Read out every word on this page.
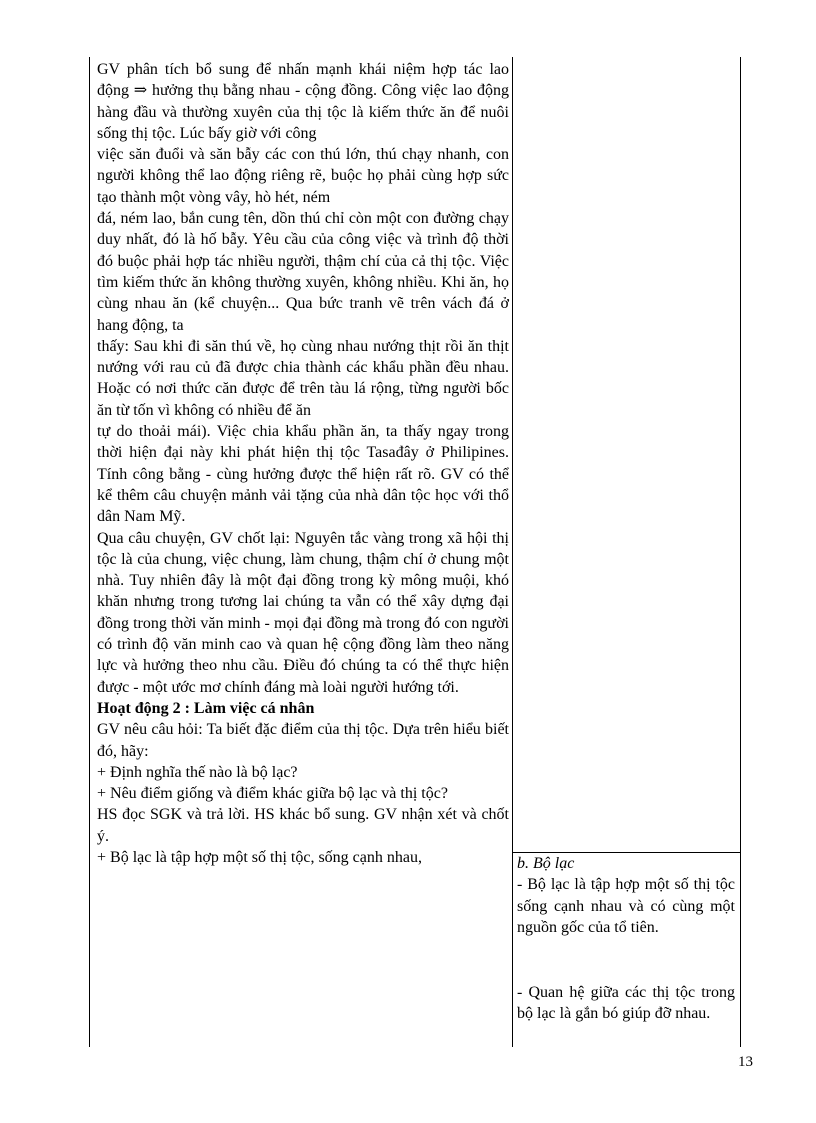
GV phân tích bổ sung để nhấn mạnh khái niệm hợp tác lao động ⇒ hưởng thụ bằng nhau - cộng đồng. Công việc lao động hàng đầu và thường xuyên của thị tộc là kiếm thức ăn để nuôi sống thị tộc. Lúc bấy giờ với công

việc săn đuổi và săn bẫy các con thú lớn, thú chạy nhanh, con người không thể lao động riêng rẽ, buộc họ phải cùng hợp sức tạo thành một vòng vây, hò hét, ném

đá, ném lao, bắn cung tên, dồn thú chỉ còn một con đường chạy duy nhất, đó là hố bẫy. Yêu cầu của công việc và trình độ thời đó buộc phải hợp tác nhiều người, thậm chí của cả thị tộc. Việc tìm kiếm thức ăn không thường xuyên, không nhiều. Khi ăn, họ cùng nhau ăn (kể chuyện... Qua bức tranh vẽ trên vách đá ở hang động, ta

thấy: Sau khi đi săn thú về, họ cùng nhau nướng thịt rồi ăn thịt nướng với rau củ đã được chia thành các khẩu phần đều nhau. Hoặc có nơi thức căn được để trên tàu lá rộng, từng người bốc ăn từ tốn vì không có nhiều để ăn

tự do thoải mái). Việc chia khẩu phần ăn, ta thấy ngay trong thời hiện đại này khi phát hiện thị tộc Tasađây ở Philipines. Tính công bằng - cùng hưởng được thể hiện rất rõ. GV có thể kể thêm câu chuyện mảnh vải tặng của nhà dân tộc học với thổ dân Nam Mỹ.

Qua câu chuyện, GV chốt lại: Nguyên tắc vàng trong xã hội thị tộc là của chung, việc chung, làm chung, thậm chí ở chung một nhà. Tuy nhiên đây là một đại đồng trong kỳ mông muội, khó khăn nhưng trong tương lai chúng ta vẫn có thể xây dựng đại đồng trong thời văn minh - mọi đại đồng mà trong đó con người có trình độ văn minh cao và quan hệ cộng đồng làm theo năng lực và hưởng theo nhu cầu. Điều đó chúng ta có thể thực hiện được - một ước mơ chính đáng mà loài người hướng tới.

Hoạt động 2 : Làm việc cá nhân

GV nêu câu hỏi: Ta biết đặc điểm của thị tộc. Dựa trên hiểu biết đó, hãy:

+ Định nghĩa thế nào là bộ lạc?

+ Nêu điểm giống và điểm khác giữa bộ lạc và thị tộc?

HS đọc SGK và trả lời. HS khác bổ sung. GV nhận xét và chốt ý.

+ Bộ lạc là tập hợp một số thị tộc, sống cạnh nhau,	b. Bộ lạc

- Bộ lạc là tập hợp một số thị tộc sống cạnh nhau và có cùng một nguồn gốc của tổ tiên.

- Quan hệ giữa các thị tộc trong bộ lạc là gắn bó giúp đỡ nhau.

13
